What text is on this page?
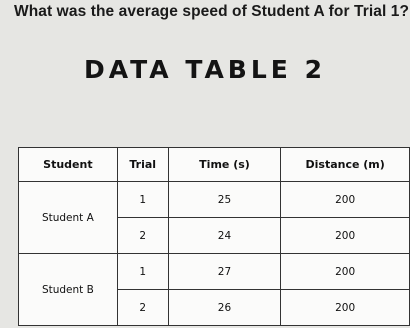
What was the average speed of Student A for Trial 1?
DATA TABLE 2
Student	Trial	Time (s)	Distance (m)
Student A	1	25	200
	2	24	200
Student B	1	27	200
	2	26	200
